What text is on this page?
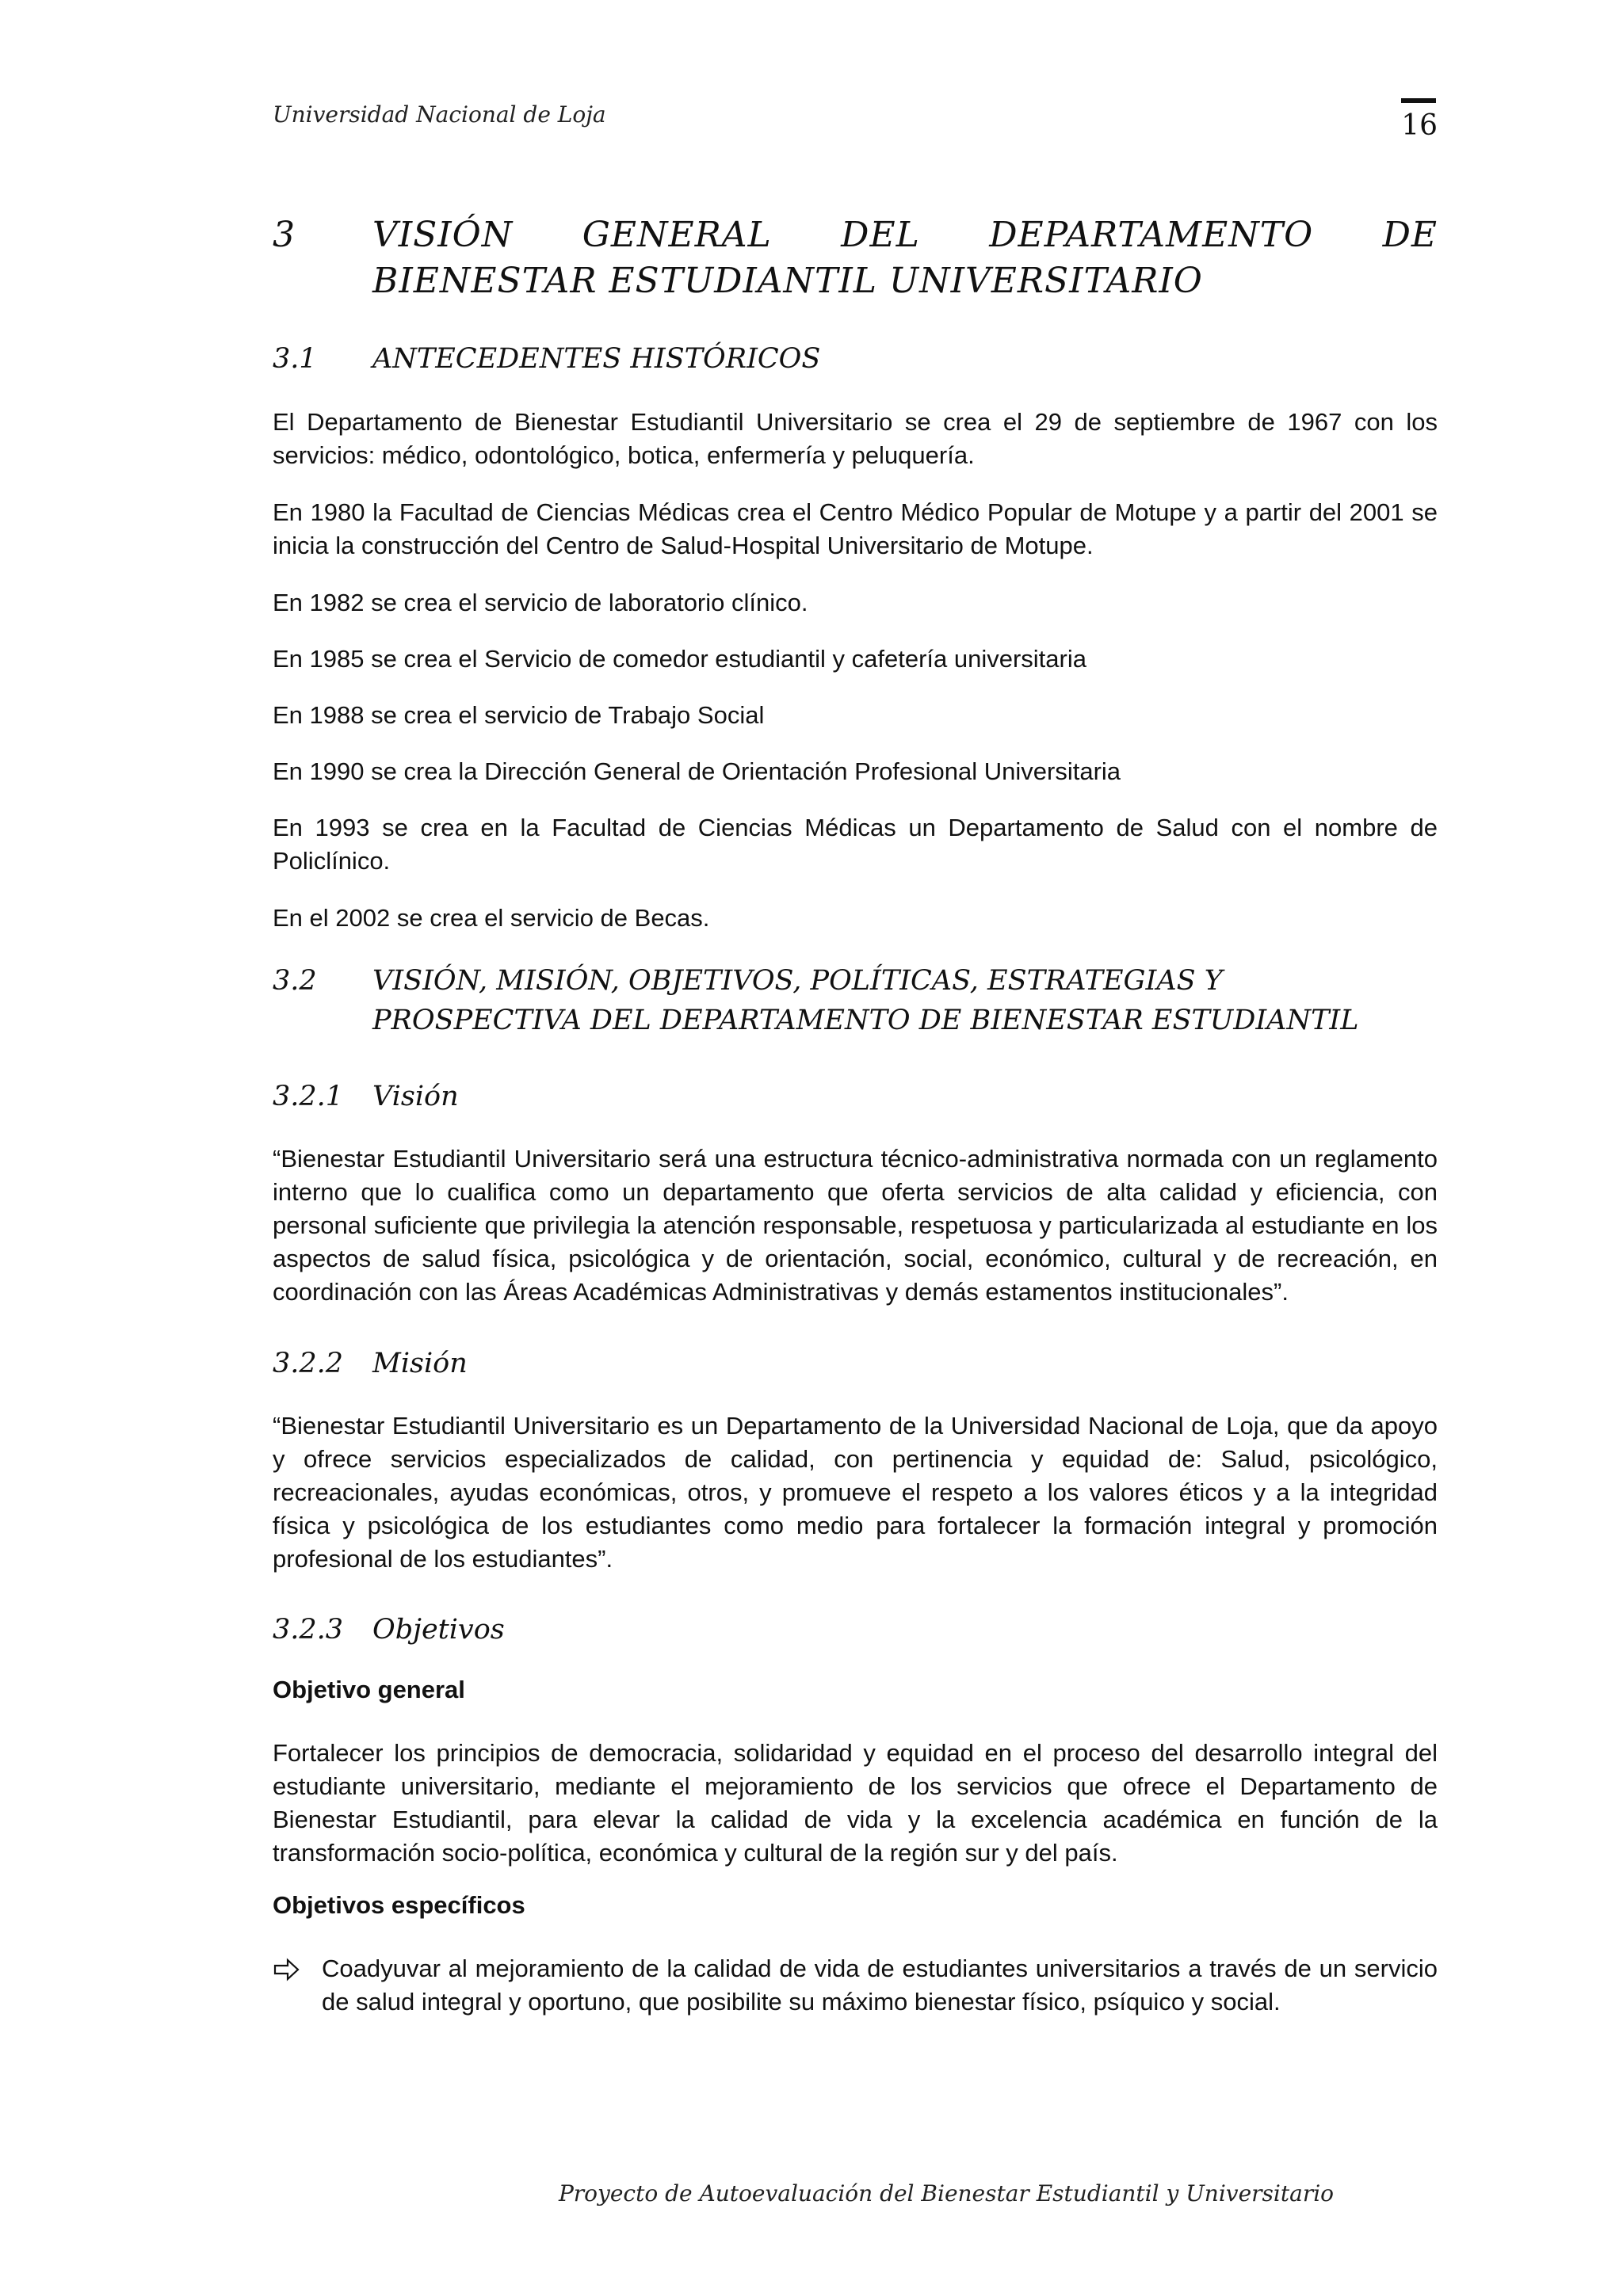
Universidad Nacional de Loja	16
3 VISIÓN GENERAL DEL DEPARTAMENTO DE BIENESTAR ESTUDIANTIL UNIVERSITARIO
3.1 ANTECEDENTES HISTÓRICOS
El Departamento de Bienestar Estudiantil Universitario se crea el 29 de septiembre de 1967 con los servicios: médico, odontológico, botica, enfermería y peluquería.
En 1980 la Facultad de Ciencias Médicas crea el Centro Médico Popular de Motupe y a partir del 2001 se inicia la construcción del Centro de Salud-Hospital Universitario de Motupe.
En 1982 se crea el servicio de laboratorio clínico.
En 1985 se crea el Servicio de comedor estudiantil y cafetería universitaria
En 1988 se crea el servicio de Trabajo Social
En 1990 se crea la Dirección General de Orientación Profesional Universitaria
En 1993 se crea en la Facultad de Ciencias Médicas un Departamento de Salud con el nombre de Policlínico.
En el 2002 se crea el servicio de Becas.
3.2 VISIÓN, MISIÓN, OBJETIVOS, POLÍTICAS, ESTRATEGIAS Y PROSPECTIVA DEL DEPARTAMENTO DE BIENESTAR ESTUDIANTIL
3.2.1 Visión
“Bienestar Estudiantil Universitario será una estructura técnico-administrativa normada con un reglamento interno que lo cualifica como un departamento que oferta servicios de alta calidad y eficiencia, con personal suficiente que privilegia la atención responsable, respetuosa y particularizada al estudiante en los aspectos de salud física, psicológica y de orientación, social, económico, cultural y de recreación, en coordinación con las Áreas Académicas Administrativas y demás estamentos institucionales”.
3.2.2 Misión
“Bienestar Estudiantil Universitario es un Departamento de la Universidad Nacional de Loja, que da apoyo y ofrece servicios especializados de calidad, con pertinencia y equidad de: Salud, psicológico, recreacionales, ayudas económicas, otros, y promueve el respeto a los valores éticos y a la integridad física y psicológica de los estudiantes como medio para fortalecer la formación integral y promoción profesional de los estudiantes”.
3.2.3 Objetivos
Objetivo general
Fortalecer los principios de democracia, solidaridad y equidad en el proceso del desarrollo integral del estudiante universitario, mediante el mejoramiento de los servicios que ofrece el Departamento de Bienestar Estudiantil, para elevar la calidad de vida y la excelencia académica en función de la transformación socio-política, económica y cultural de la región sur y del país.
Objetivos específicos
Coadyuvar al mejoramiento de la calidad de vida de estudiantes universitarios a través de un servicio de salud integral y oportuno, que posibilite su máximo bienestar físico, psíquico y social.
Proyecto de Autoevaluación del Bienestar Estudiantil y Universitario
